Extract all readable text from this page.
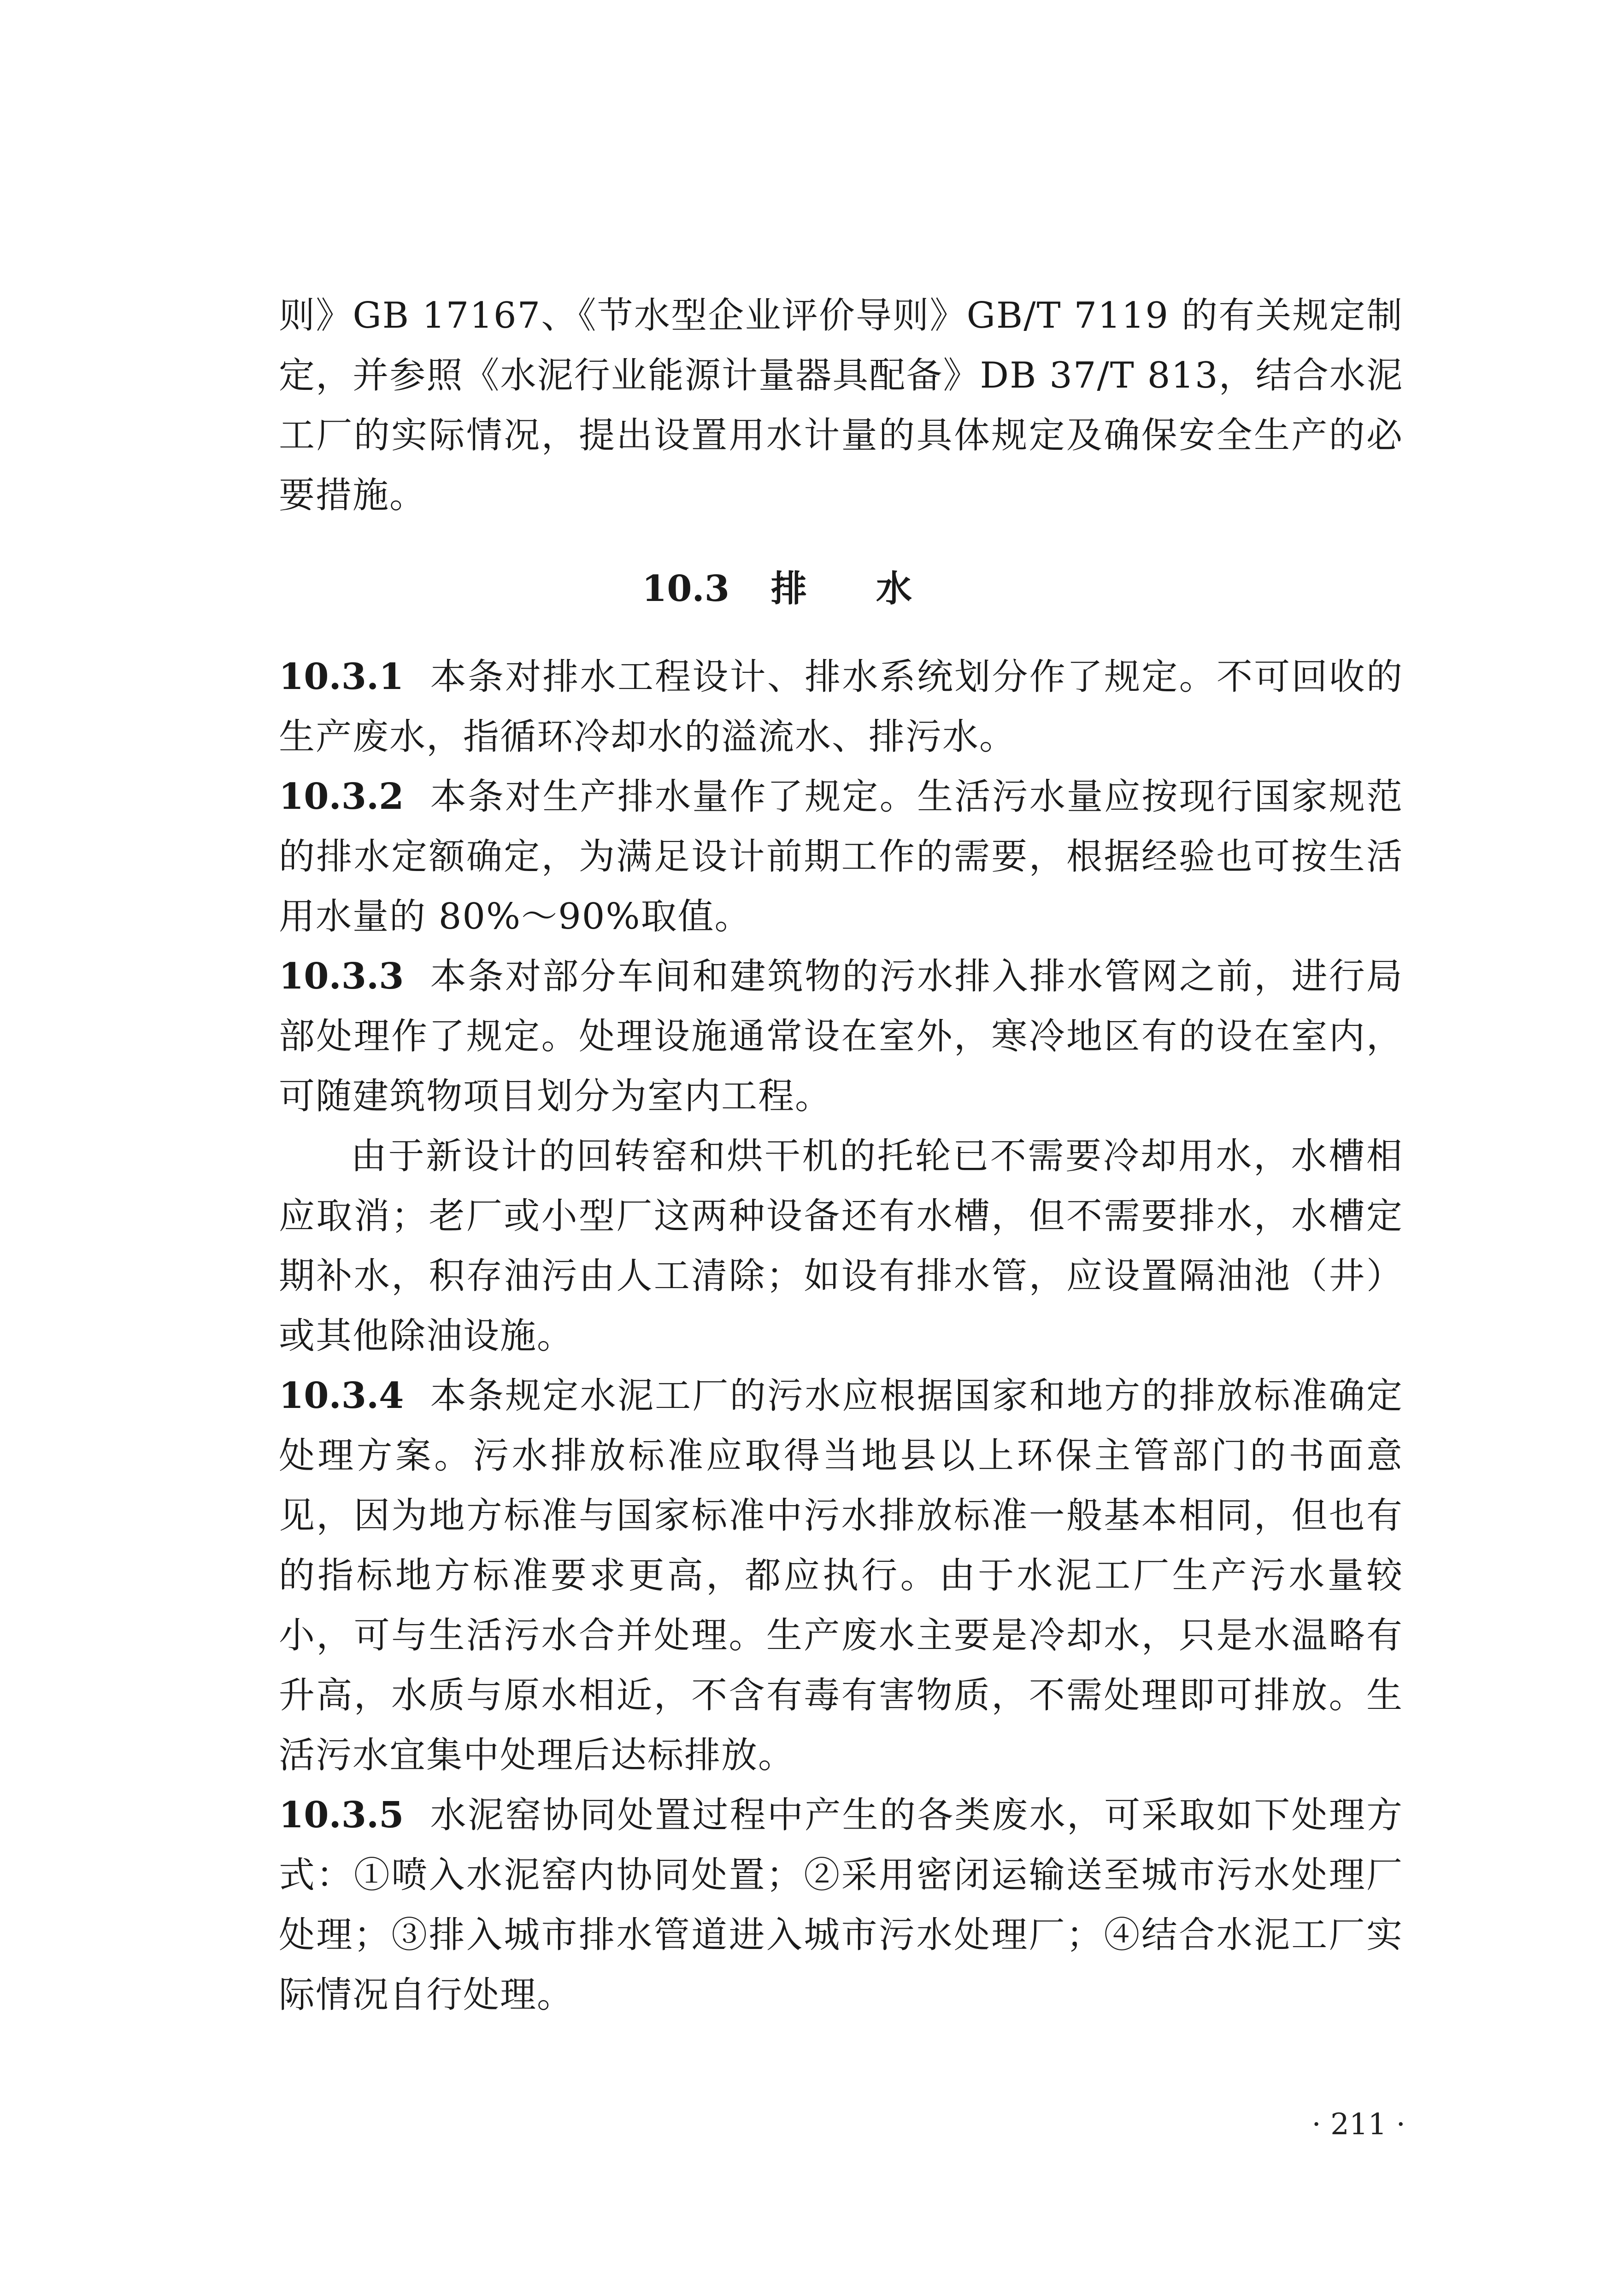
则》GB 17167、《节水型企业评价导则》GB/T 7119 的有关规定制定，并参照《水泥行业能源计量器具配备》DB 37/T 813，结合水泥工厂的实际情况，提出设置用水计量的具体规定及确保安全生产的必要措施。

10.3 排水

10.3.1 本条对排水工程设计、排水系统划分作了规定。不可回收的生产废水，指循环冷却水的溢流水、排污水。

10.3.2 本条对生产排水量作了规定。生活污水量应按现行国家规范的排水定额确定，为满足设计前期工作的需要，根据经验也可按生活用水量的 80%～90%取值。

10.3.3 本条对部分车间和建筑物的污水排入排水管网之前，进行局部处理作了规定。处理设施通常设在室外，寒冷地区有的设在室内，可随建筑物项目划分为室内工程。

由于新设计的回转窑和烘干机的托轮已不需要冷却用水，水槽相应取消；老厂或小型厂这两种设备还有水槽，但不需要排水，水槽定期补水，积存油污由人工清除；如设有排水管，应设置隔油池（井）或其他除油设施。

10.3.4 本条规定水泥工厂的污水应根据国家和地方的排放标准确定处理方案。污水排放标准应取得当地县以上环保主管部门的书面意见，因为地方标准与国家标准中污水排放标准一般基本相同，但也有的指标地方标准要求更高，都应执行。由于水泥工厂生产污水量较小，可与生活污水合并处理。生产废水主要是冷却水，只是水温略有升高，水质与原水相近，不含有毒有害物质，不需处理即可排放。生活污水宜集中处理后达标排放。

10.3.5 水泥窑协同处置过程中产生的各类废水，可采取如下处理方式：①喷入水泥窑内协同处置；②采用密闭运输送至城市污水处理厂处理；③排入城市排水管道进入城市污水处理厂；④结合水泥工厂实际情况自行处理。

· 211 ·
